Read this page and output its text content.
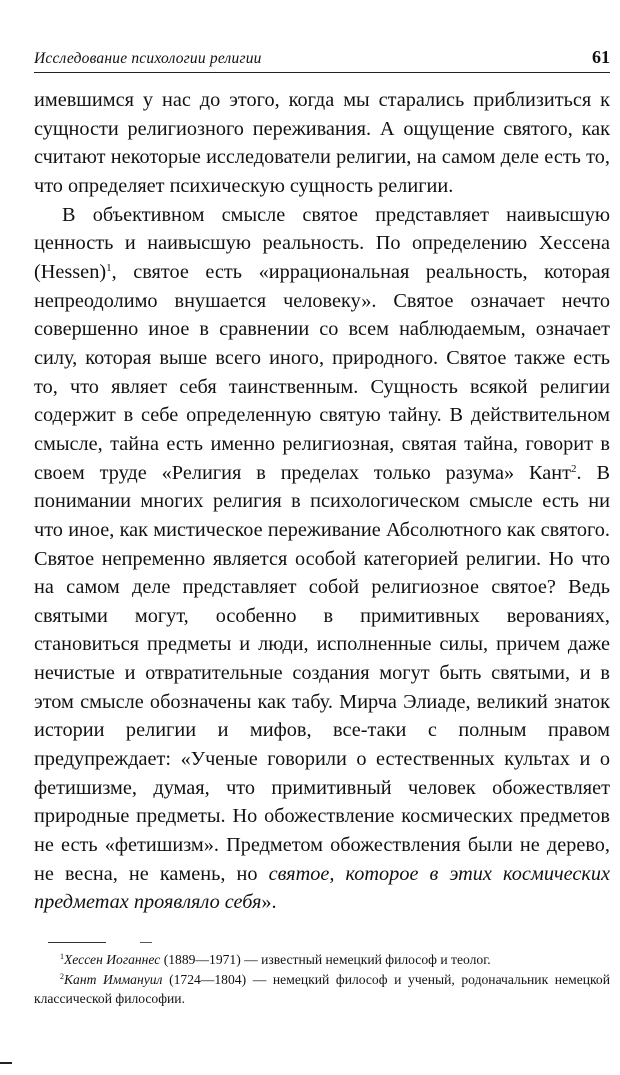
Исследование психологии религии	61

имевшимся у нас до этого, когда мы старались приблизиться к сущности религиозного переживания. А ощущение святого, как считают некоторые исследователи религии, на самом деле есть то, что определяет психическую сущность религии.

В объективном смысле святое представляет наивысшую ценность и наивысшую реальность. По определению Хессена (Hessen)$^1$, святое есть «иррациональная реальность, которая непреодолимо внушается человеку». Святое означает нечто совершенно иное в сравнении со всем наблюдаемым, означает силу, которая выше всего иного, природного. Святое также есть то, что являет себя таинственным. Сущность всякой религии содержит в себе определенную святую тайну. В действительном смысле, тайна есть именно религиозная, святая тайна, говорит в своем труде «Религия в пределах только разума» Кант$^2$. В понимании многих религия в психологическом смысле есть ни что иное, как мистическое переживание Абсолютного как святого. Святое непременно является особой категорией религии. Но что на самом деле представляет собой религиозное святое? Ведь святыми могут, особенно в примитивных верованиях, становиться предметы и люди, исполненные силы, причем даже нечистые и отвратительные создания могут быть святыми, и в этом смысле обозначены как табу. Мирча Элиаде, великий знаток истории религии и мифов, все-таки с полным правом предупреждает: «Ученые говорили о естественных культах и о фетишизме, думая, что примитивный человек обожествляет природные предметы. Но обожествление космических предметов не есть «фетишизм». Предметом обожествления были не дерево, не весна, не камень, но святое, которое в этих космических предметах проявляло себя».

$^1$Хессен Иоганнес (1889—1971) — известный немецкий философ и теолог.

$^2$Кант Иммануил (1724—1804) — немецкий философ и ученый, родоначальник немецкой классической философии.
